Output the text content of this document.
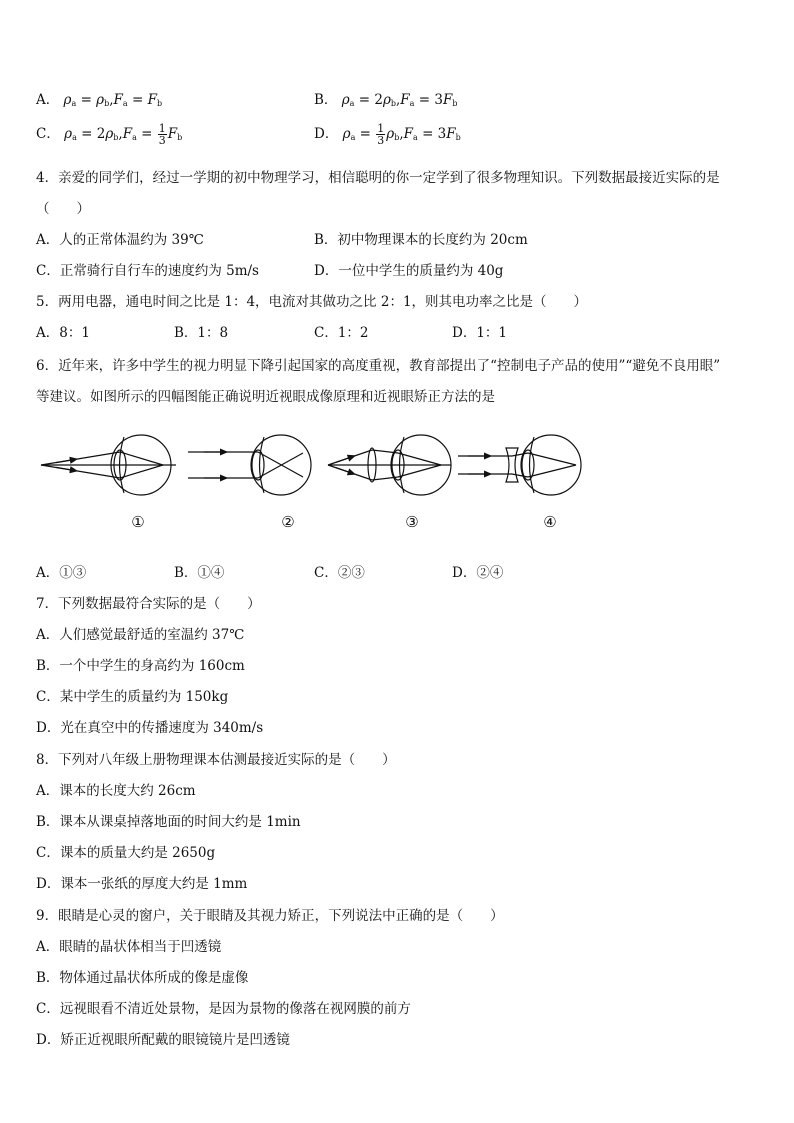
A． $\rho_a = \rho_b,F_a = F_b$	B． $\rho_a = 2\rho_b,F_a = 3F_b$
C． $\rho_a = 2\rho_b,F_a = \frac{1}{3} F_b$	D． $\rho_a = \frac{1}{3} \rho_b,F_a = 3F_b$
4．亲爱的同学们，经过一学期的初中物理学习，相信聪明的你一定学到了很多物理知识。下列数据最接近实际的是
（　　）
A．人的正常体温约为 39℃	B．初中物理课本的长度约为 20cm
C．正常骑行自行车的速度约为 5m/s	D．一位中学生的质量约为 40g
5．两用电器，通电时间之比是 1：4，电流对其做功之比 2：1，则其电功率之比是（　　）
A．8：1	B．1：8	C．1：2	D．1：1
6．近年来，许多中学生的视力明显下降引起国家的高度重视，教育部提出了“控制电子产品的使用”“避免不良用眼”
等建议。如图所示的四幅图能正确说明近视眼成像原理和近视眼矫正方法的是
①	②	③	④
A．①③	B．①④	C．②③	D．②④
7．下列数据最符合实际的是（　　）
A．人们感觉最舒适的室温约 37℃
B．一个中学生的身高约为 160cm
C．某中学生的质量约为 150kg
D．光在真空中的传播速度为 340m/s
8．下列对八年级上册物理课本估测最接近实际的是（　　）
A．课本的长度大约 26cm
B．课本从课桌掉落地面的时间大约是 1min
C．课本的质量大约是 2650g
D．课本一张纸的厚度大约是 1mm
9．眼睛是心灵的窗户，关于眼睛及其视力矫正，下列说法中正确的是（　　）
A．眼睛的晶状体相当于凹透镜
B．物体通过晶状体所成的像是虚像
C．远视眼看不清近处景物，是因为景物的像落在视网膜的前方
D．矫正近视眼所配戴的眼镜镜片是凹透镜
